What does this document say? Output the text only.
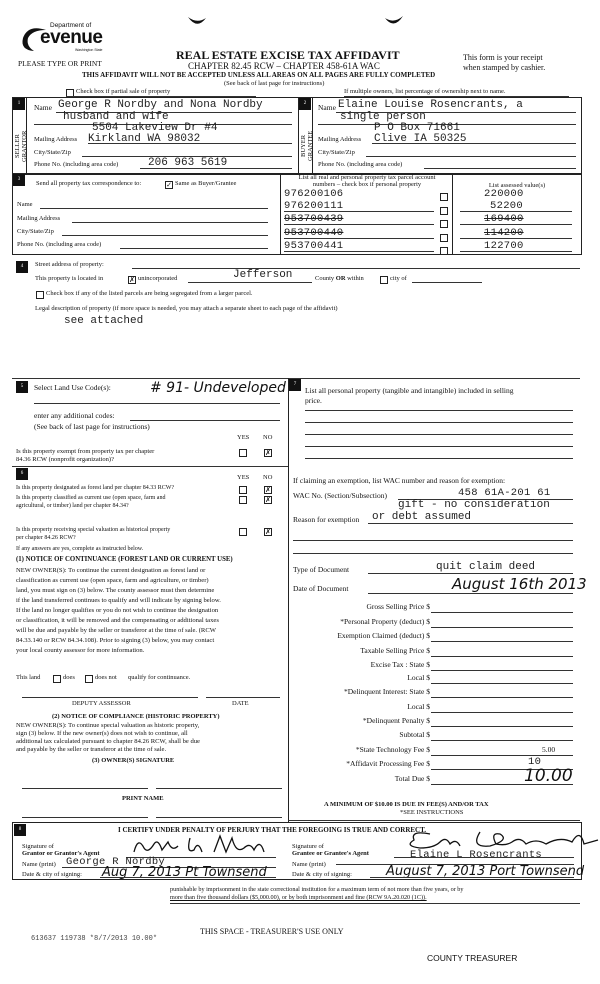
Department of
evenue
Washington State
PLEASE TYPE OR PRINT
REAL ESTATE EXCISE TAX AFFIDAVIT
CHAPTER 82.45 RCW – CHAPTER 458-61A WAC
This form is your receipt
when stamped by cashier.
THIS AFFIDAVIT WILL NOT BE ACCEPTED UNLESS ALL AREAS ON ALL PAGES ARE FULLY COMPLETED
(See back of last page for instructions)
Check box if partial sale of property	If multiple owners, list percentage of ownership next to name.
1
SELLER GRANTOR
Name George R Nordby and Nona Nordby
husband and wife
Mailing Address
5504 Lakeview Dr #4
Kirkland WA 98032
City/State/Zip
Phone No. (including area code)	206 963 5619
2
BUYER GRANTEE
Name Elaine Louise Rosencrants, a
single person
Mailing Address
P O Box 71661
Clive IA 50325
City/State/Zip
Phone No. (including area code)
3
Send all property tax correspondence to:	✓ Same as Buyer/Grantee
Name
Mailing Address
City/State/Zip
Phone No. (including area code)
List all real and personal property tax parcel account
numbers – check box if personal property	List assessed value(s)
976200106	220000
976200111	52200
953700439	169400
953700440	114200
953700441	122700
4	Street address of property:
This property is located in	✗ unincorporated	Jefferson	County OR within	city of
Check box if any of the listed parcels are being segregated from a larger parcel.
Legal description of property (if more space is needed, you may attach a separate sheet to each page of the affidavit)
see attached
5	Select Land Use Code(s):	# 91- Undeveloped
enter any additional codes:
(See back of last page for instructions)
YES NO
Is this property exempt from property tax per chapter
84.36 RCW (nonprofit organization)?
✗
6
YES NO
Is this property designated as forest land per chapter 84.33 RCW?	✗
Is this property classified as current use (open space, farm and
agricultural, or timber) land per chapter 84.34?
✗
Is this property receiving special valuation as historical property
per chapter 84.26 RCW?
✗
If any answers are yes, complete as instructed below.
(1) NOTICE OF CONTINUANCE (FOREST LAND OR CURRENT USE)
NEW OWNER(S): To continue the current designation as forest land or
classification as current use (open space, farm and agriculture, or timber)
land, you must sign on (3) below. The county assessor must then determine
if the land transferred continues to qualify and will indicate by signing below.
If the land no longer qualifies or you do not wish to continue the designation
or classification, it will be removed and the compensating or additional taxes
will be due and payable by the seller or transferor at the time of sale. (RCW
84.33.140 or RCW 84.34.108). Prior to signing (3) below, you may contact
your local county assessor for more information.
This land	does	does not qualify for continuance.
DEPUTY ASSESSOR	DATE
(2) NOTICE OF COMPLIANCE (HISTORIC PROPERTY)
NEW OWNER(S): To continue special valuation as historic property,
sign (3) below. If the new owner(s) does not wish to continue, all
additional tax calculated pursuant to chapter 84.26 RCW, shall be due
and payable by the seller or transferor at the time of sale.
(3) OWNER(S) SIGNATURE
PRINT NAME
7
List all personal property (tangible and intangible) included in selling
price.
If claiming an exemption, list WAC number and reason for exemption:
WAC No. (Section/Subsection)	458 61A-201 61
Reason for exemption
gift - no consideration
or debt assumed
Type of Document	quit claim deed
Date of Document	August 16th 2013
Gross Selling Price $
*Personal Property (deduct) $
Exemption Claimed (deduct) $
Taxable Selling Price $
Excise Tax : State $
Local $
*Delinquent Interest: State $
Local $
*Delinquent Penalty $
Subtotal $
*State Technology Fee $	5.00
*Affidavit Processing Fee $	10
Total Due $	10.00
A MINIMUM OF $10.00 IS DUE IN FEE(S) AND/OR TAX
*SEE INSTRUCTIONS
8	I CERTIFY UNDER PENALTY OF PERJURY THAT THE FOREGOING IS TRUE AND CORRECT.
Signature of
Grantor or Grantor's Agent
Name (print) George R Nordby
Date & city of signing: Aug 7, 2013 Pt Townsend
Signature of
Grantee or Grantee's Agent
Name (print)
Elaine L Rosencrants
Date & city of signing:	August 7, 2013 Port Townsend
punishable by imprisonment in the state correctional institution for a maximum term of not more than five years, or by
more than five thousand dollars ($5,000.00), or by both imprisonment and fine (RCW 9A.20.020 (1C)).
613637 119738 *8/7/2013 10.00*
THIS SPACE - TREASURER'S USE ONLY
COUNTY TREASURER
